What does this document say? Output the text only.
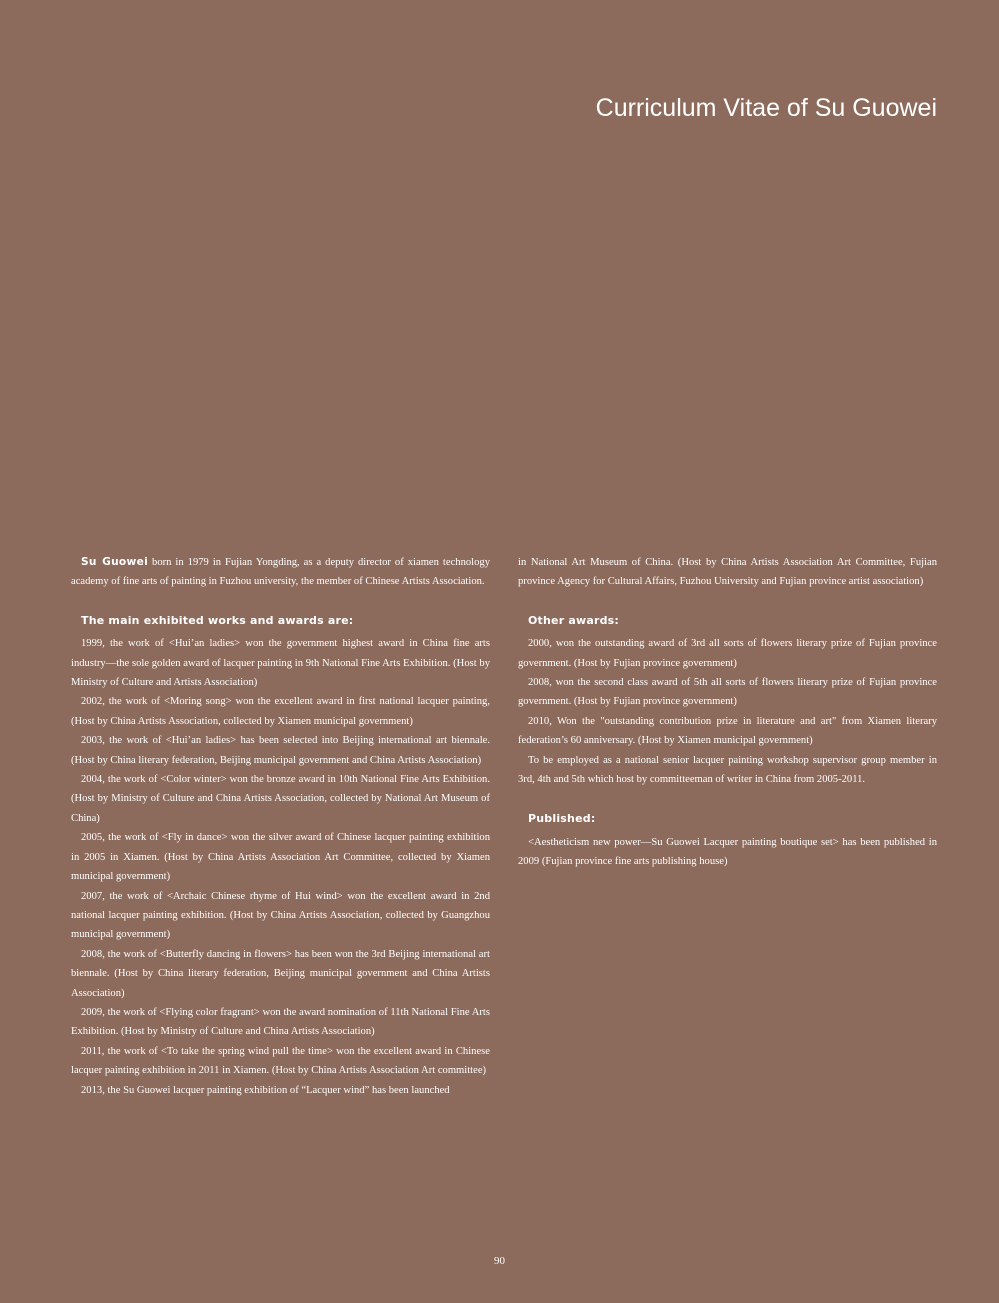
Curriculum Vitae of Su Guowei

Su Guowei born in 1979 in Fujian Yongding, as a deputy director of xiamen technology academy of fine arts of painting in Fuzhou university, the member of Chinese Artists Association.

The main exhibited works and awards are:

1999, the work of <Hui’an ladies> won the government highest award in China fine arts industry—the sole golden award of lacquer painting in 9th National Fine Arts Exhibition. (Host by Ministry of Culture and Artists Association)

2002, the work of <Moring song> won the excellent award in first national lacquer painting, (Host by China Artists Association, collected by Xiamen municipal government)

2003, the work of <Hui’an ladies> has been selected into Beijing international art biennale. (Host by China literary federation, Beijing municipal government and China Artists Association)

2004, the work of <Color winter> won the bronze award in 10th National Fine Arts Exhibition. (Host by Ministry of Culture and China Artists Association, collected by National Art Museum of China)

2005, the work of <Fly in dance> won the silver award of Chinese lacquer painting exhibition in 2005 in Xiamen. (Host by China Artists Association Art Committee, collected by Xiamen municipal government)

2007, the work of <Archaic Chinese rhyme of Hui wind> won the excellent award in 2nd national lacquer painting exhibition. (Host by China Artists Association, collected by Guangzhou municipal government)

2008, the work of <Butterfly dancing in flowers> has been won the 3rd Beijing international art biennale. (Host by China literary federation, Beijing municipal government and China Artists Association)

2009, the work of <Flying color fragrant> won the award nomination of 11th National Fine Arts Exhibition. (Host by Ministry of Culture and China Artists Association)

2011, the work of <To take the spring wind pull the time> won the excellent award in Chinese lacquer painting exhibition in 2011 in Xiamen. (Host by China Artists Association Art committee)

2013, the Su Guowei lacquer painting exhibition of “Lacquer wind” has been launched

in National Art Museum of China. (Host by China Artists Association Art Committee, Fujian province Agency for Cultural Affairs, Fuzhou University and Fujian province artist association)

Other awards:

2000, won the outstanding award of 3rd all sorts of flowers literary prize of Fujian province government. (Host by Fujian province government)

2008, won the second class award of 5th all sorts of flowers literary prize of Fujian province government. (Host by Fujian province government)

2010, Won the "outstanding contribution prize in literature and art" from Xiamen literary federation’s 60 anniversary. (Host by Xiamen municipal government)

To be employed as a national senior lacquer painting workshop supervisor group member in 3rd, 4th and 5th which host by committeeman of writer in China from 2005-2011.

Published:

<Aestheticism new power—Su Guowei Lacquer painting boutique set> has been published in 2009 (Fujian province fine arts publishing house)

90
